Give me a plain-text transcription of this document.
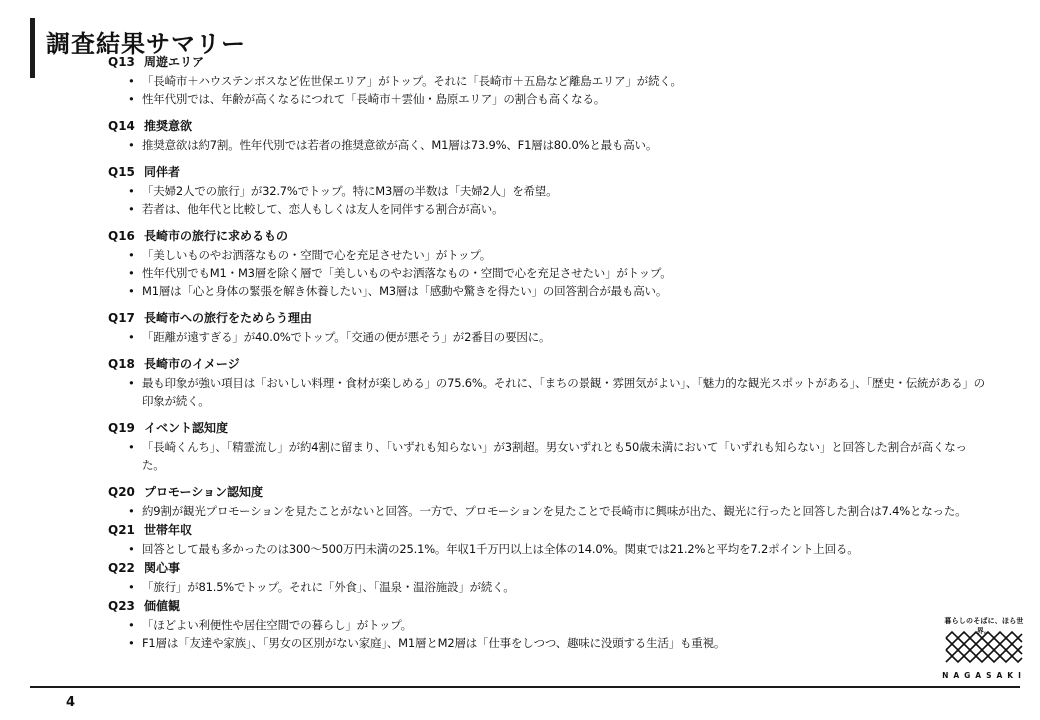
調査結果サマリー
Q13 周遊エリア
• 「長崎市＋ハウステンボスなど佐世保エリア」がトップ。それに「長崎市＋五島など離島エリア」が続く。
• 性年代別では、年齢が高くなるにつれて「長崎市＋雲仙・島原エリア」の割合も高くなる。
Q14 推奨意欲
• 推奨意欲は約7割。性年代別では若者の推奨意欲が高く、M1層は73.9%、F1層は80.0%と最も高い。
Q15 同伴者
• 「夫婦2人での旅行」が32.7%でトップ。特にM3層の半数は「夫婦2人」を希望。
• 若者は、他年代と比較して、恋人もしくは友人を同伴する割合が高い。
Q16 長崎市の旅行に求めるもの
• 「美しいものやお洒落なもの・空間で心を充足させたい」がトップ。
• 性年代別でもM1・M3層を除く層で「美しいものやお洒落なもの・空間で心を充足させたい」がトップ。
• M1層は「心と身体の緊張を解き休養したい」、M3層は「感動や驚きを得たい」の回答割合が最も高い。
Q17 長崎市への旅行をためらう理由
• 「距離が遠すぎる」が40.0%でトップ。「交通の便が悪そう」が2番目の要因に。
Q18 長崎市のイメージ
• 最も印象が強い項目は「おいしい料理・食材が楽しめる」の75.6%。それに、「まちの景観・雰囲気がよい」、「魅力的な観光スポットがある」、「歴史・伝統がある」の印象が続く。
Q19 イベント認知度
• 「長崎くんち」、「精霊流し」が約4割に留まり、「いずれも知らない」が3割超。男女いずれとも50歳未満において「いずれも知らない」と回答した割合が高くなった。
Q20 プロモーション認知度
• 約9割が観光プロモーションを見たことがないと回答。一方で、プロモーションを見たことで長崎市に興味が出た、観光に行ったと回答した割合は7.4%となった。
Q21 世帯年収
• 回答として最も多かったのは300～500万円未満の25.1%。年収1千万円以上は全体の14.0%。関東では21.2%と平均を7.2ポイント上回る。
Q22 関心事
• 「旅行」が81.5%でトップ。それに「外食」、「温泉・温浴施設」が続く。
Q23 価値観
• 「ほどよい利便性や居住空間での暮らし」がトップ。
• F1層は「友達や家族」、「男女の区別がない家庭」、M1層とM2層は「仕事をしつつ、趣味に没頭する生活」も重視。
暮らしのそばに、ほら世界。
NAGASAKI
4
